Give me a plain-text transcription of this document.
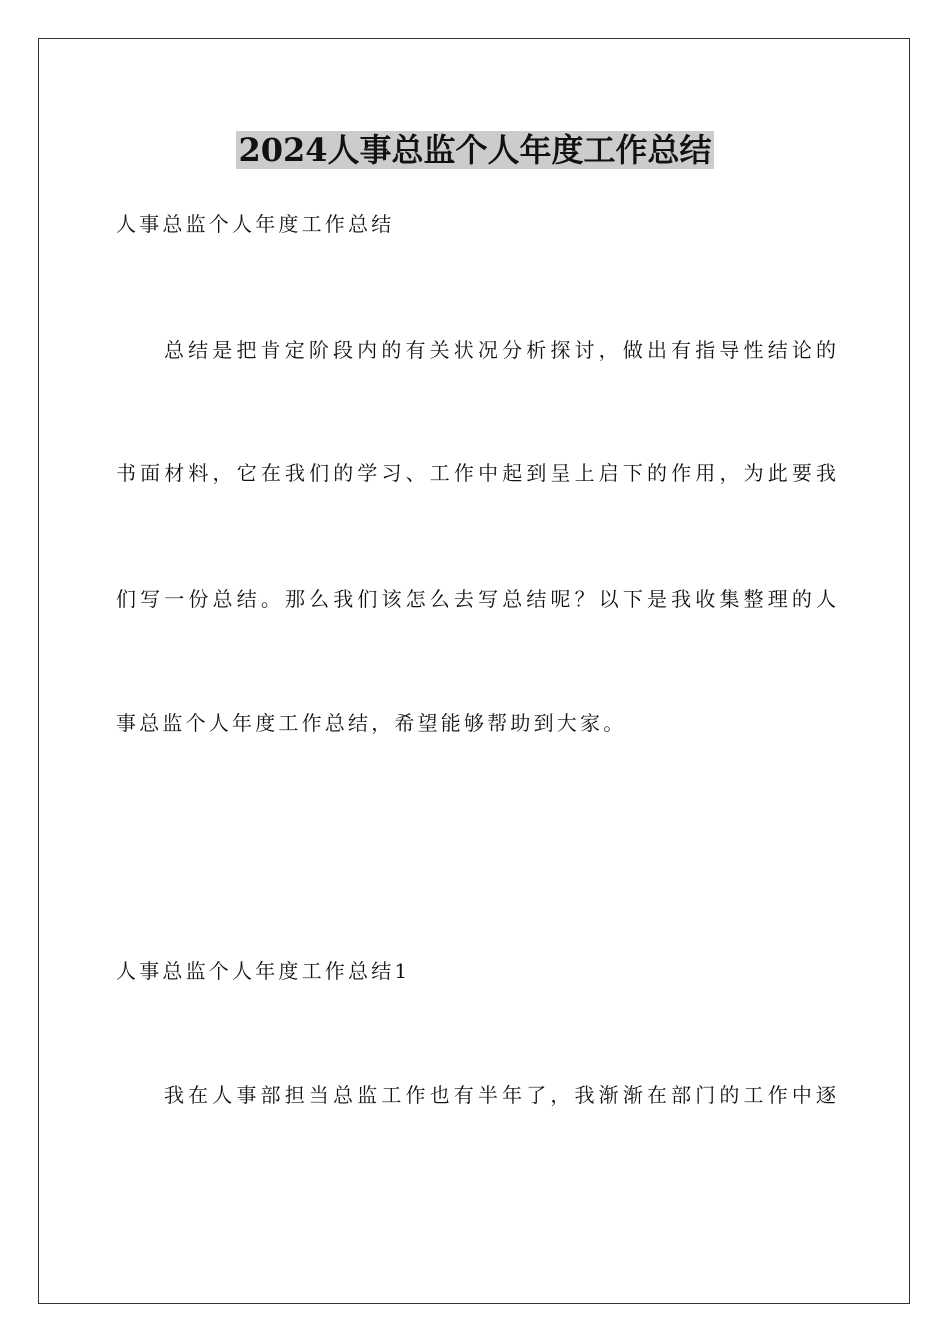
2024人事总监个人年度工作总结

人事总监个人年度工作总结

总结是把肯定阶段内的有关状况分析探讨，做出有指导性结论的

书面材料，它在我们的学习、工作中起到呈上启下的作用，为此要我

们写一份总结。那么我们该怎么去写总结呢？以下是我收集整理的人

事总监个人年度工作总结，希望能够帮助到大家。

人事总监个人年度工作总结1

我在人事部担当总监工作也有半年了，我渐渐在部门的工作中逐
